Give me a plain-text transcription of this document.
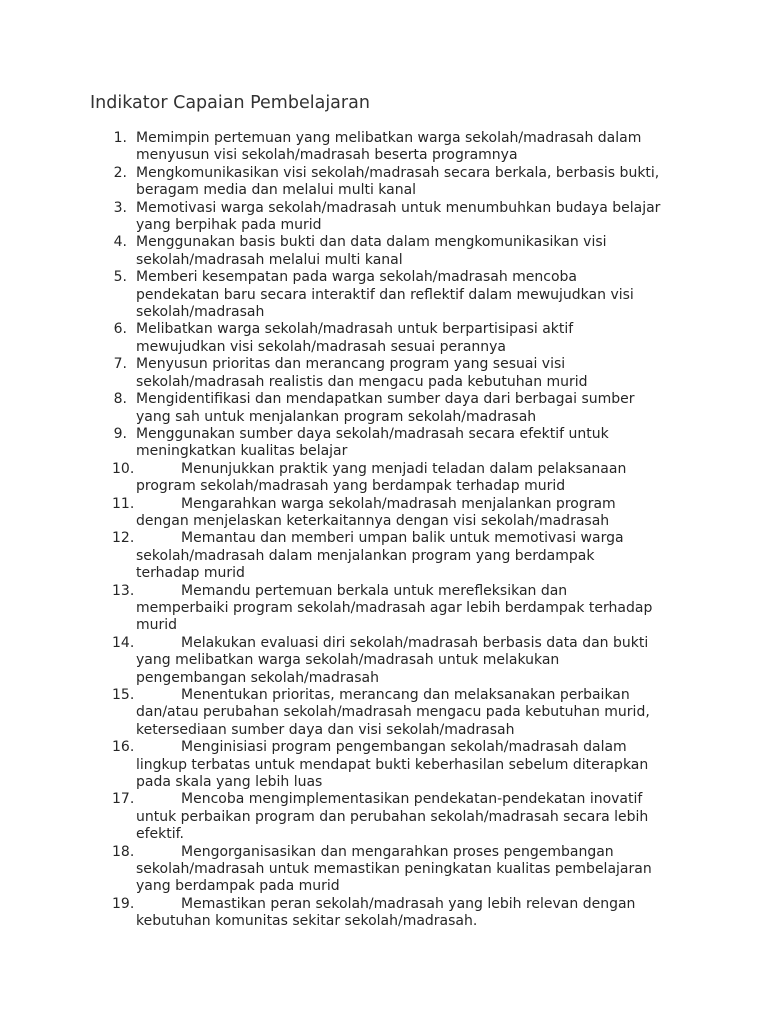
Indikator Capaian Pembelajaran
1. Memimpin pertemuan yang melibatkan warga sekolah/madrasah dalam
menyusun visi sekolah/madrasah beserta programnya
2. Mengkomunikasikan visi sekolah/madrasah secara berkala, berbasis bukti,
beragam media dan melalui multi kanal
3. Memotivasi warga sekolah/madrasah untuk menumbuhkan budaya belajar
yang berpihak pada murid
4. Menggunakan basis bukti dan data dalam mengkomunikasikan visi
sekolah/madrasah melalui multi kanal
5. Memberi kesempatan pada warga sekolah/madrasah mencoba
pendekatan baru secara interaktif dan reflektif dalam mewujudkan visi
sekolah/madrasah
6. Melibatkan warga sekolah/madrasah untuk berpartisipasi aktif
mewujudkan visi sekolah/madrasah sesuai perannya
7. Menyusun prioritas dan merancang program yang sesuai visi
sekolah/madrasah realistis dan mengacu pada kebutuhan murid
8. Mengidentifikasi dan mendapatkan sumber daya dari berbagai sumber
yang sah untuk menjalankan program sekolah/madrasah
9. Menggunakan sumber daya sekolah/madrasah secara efektif untuk
meningkatkan kualitas belajar
10.	Menunjukkan praktik yang menjadi teladan dalam pelaksanaan
program sekolah/madrasah yang berdampak terhadap murid
11.	Mengarahkan warga sekolah/madrasah menjalankan program
dengan menjelaskan keterkaitannya dengan visi sekolah/madrasah
12.	Memantau dan memberi umpan balik untuk memotivasi warga
sekolah/madrasah dalam menjalankan program yang berdampak
terhadap murid
13.	Memandu pertemuan berkala untuk merefleksikan dan
memperbaiki program sekolah/madrasah agar lebih berdampak terhadap
murid
14.	Melakukan evaluasi diri sekolah/madrasah berbasis data dan bukti
yang melibatkan warga sekolah/madrasah untuk melakukan
pengembangan sekolah/madrasah
15.	Menentukan prioritas, merancang dan melaksanakan perbaikan
dan/atau perubahan sekolah/madrasah mengacu pada kebutuhan murid,
ketersediaan sumber daya dan visi sekolah/madrasah
16.	Menginisiasi program pengembangan sekolah/madrasah dalam
lingkup terbatas untuk mendapat bukti keberhasilan sebelum diterapkan
pada skala yang lebih luas
17.	Mencoba mengimplementasikan pendekatan-pendekatan inovatif
untuk perbaikan program dan perubahan sekolah/madrasah secara lebih
efektif.
18.	Mengorganisasikan dan mengarahkan proses pengembangan
sekolah/madrasah untuk memastikan peningkatan kualitas pembelajaran
yang berdampak pada murid
19.	Memastikan peran sekolah/madrasah yang lebih relevan dengan
kebutuhan komunitas sekitar sekolah/madrasah.
